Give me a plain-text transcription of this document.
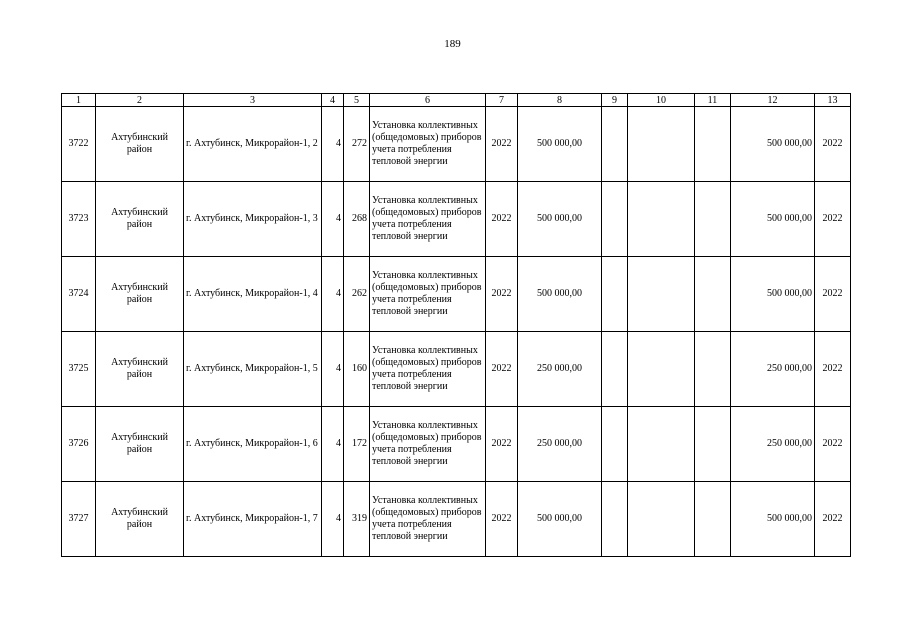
189
1	2	3	4	5	6	7	8	9	10	11	12	13
3722	Ахтубинский район	г. Ахтубинск, Микрорайон-1, 2	4	272	Установка коллективных (общедомовых) приборов учета потребления тепловой энергии	2022	500 000,00				500 000,00	2022
3723	Ахтубинский район	г. Ахтубинск, Микрорайон-1, 3	4	268	Установка коллективных (общедомовых) приборов учета потребления тепловой энергии	2022	500 000,00				500 000,00	2022
3724	Ахтубинский район	г. Ахтубинск, Микрорайон-1, 4	4	262	Установка коллективных (общедомовых) приборов учета потребления тепловой энергии	2022	500 000,00				500 000,00	2022
3725	Ахтубинский район	г. Ахтубинск, Микрорайон-1, 5	4	160	Установка коллективных (общедомовых) приборов учета потребления тепловой энергии	2022	250 000,00				250 000,00	2022
3726	Ахтубинский район	г. Ахтубинск, Микрорайон-1, 6	4	172	Установка коллективных (общедомовых) приборов учета потребления тепловой энергии	2022	250 000,00				250 000,00	2022
3727	Ахтубинский район	г. Ахтубинск, Микрорайон-1, 7	4	319	Установка коллективных (общедомовых) приборов учета потребления тепловой энергии	2022	500 000,00				500 000,00	2022
